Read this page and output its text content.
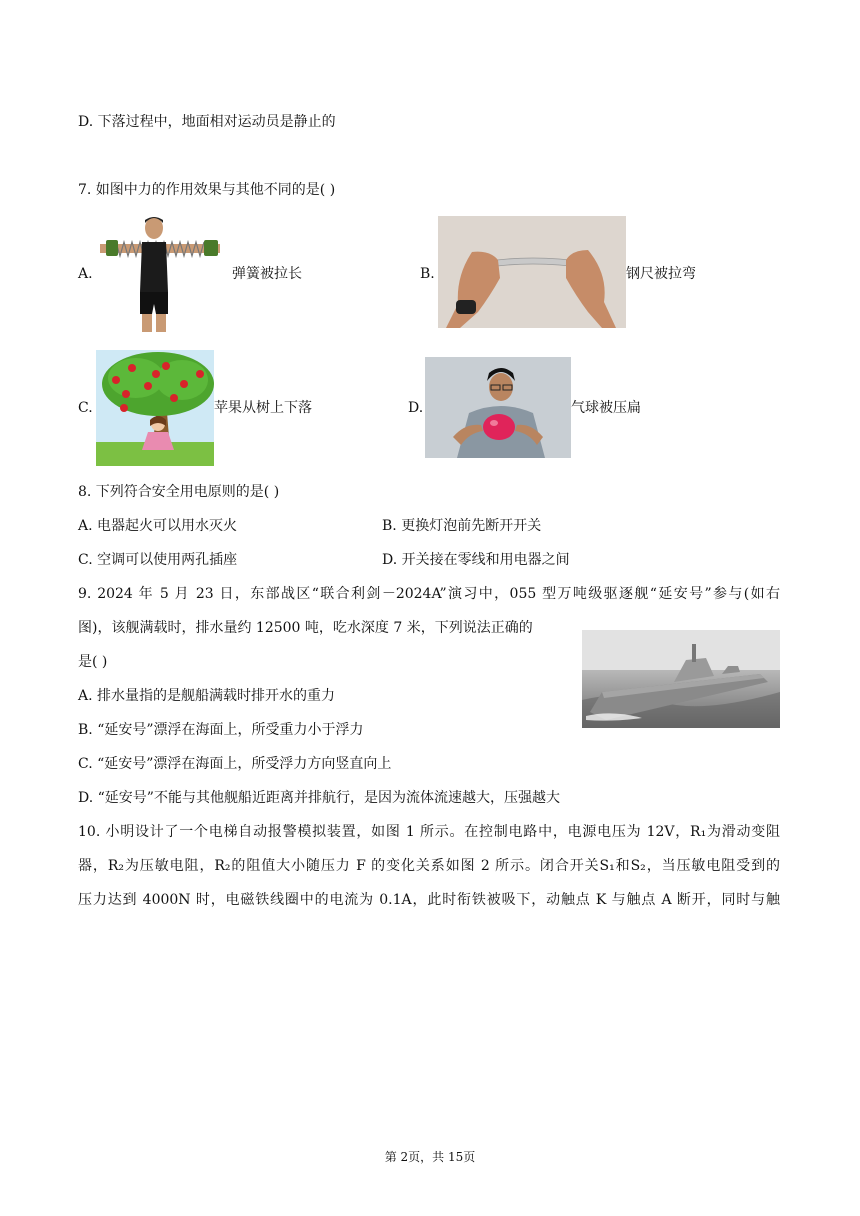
D. 下落过程中，地面相对运动员是静止的
7. 如图中力的作用效果与其他不同的是( )
A.	弹簧被拉长	B.	钢尺被拉弯
C.	苹果从树上下落	D.	气球被压扁
8. 下列符合安全用电原则的是( )
A. 电器起火可以用水灭火	B. 更换灯泡前先断开开关
C. 空调可以使用两孔插座	D. 开关接在零线和用电器之间
9. 2024 年 5 月 23 日，东部战区“联合利剑－2024A”演习中，055 型万吨级驱逐舰“延安号”参与(如右
图)，该舰满载时，排水量约 12500 吨，吃水深度 7 米，下列说法正确的
是( )
A. 排水量指的是舰船满载时排开水的重力
B. “延安号”漂浮在海面上，所受重力小于浮力
C. “延安号”漂浮在海面上，所受浮力方向竖直向上
D. “延安号”不能与其他舰船近距离并排航行，是因为流体流速越大，压强越大
10. 小明设计了一个电梯自动报警模拟装置，如图 1 所示。在控制电路中，电源电压为 12V，R₁为滑动变阻
器，R₂为压敏电阻，R₂的阻值大小随压力 F 的变化关系如图 2 所示。闭合开关S₁和S₂，当压敏电阻受到的
压力达到 4000N 时，电磁铁线圈中的电流为 0.1A，此时衔铁被吸下，动触点 K 与触点 A 断开，同时与触
第 2页，共 15页
